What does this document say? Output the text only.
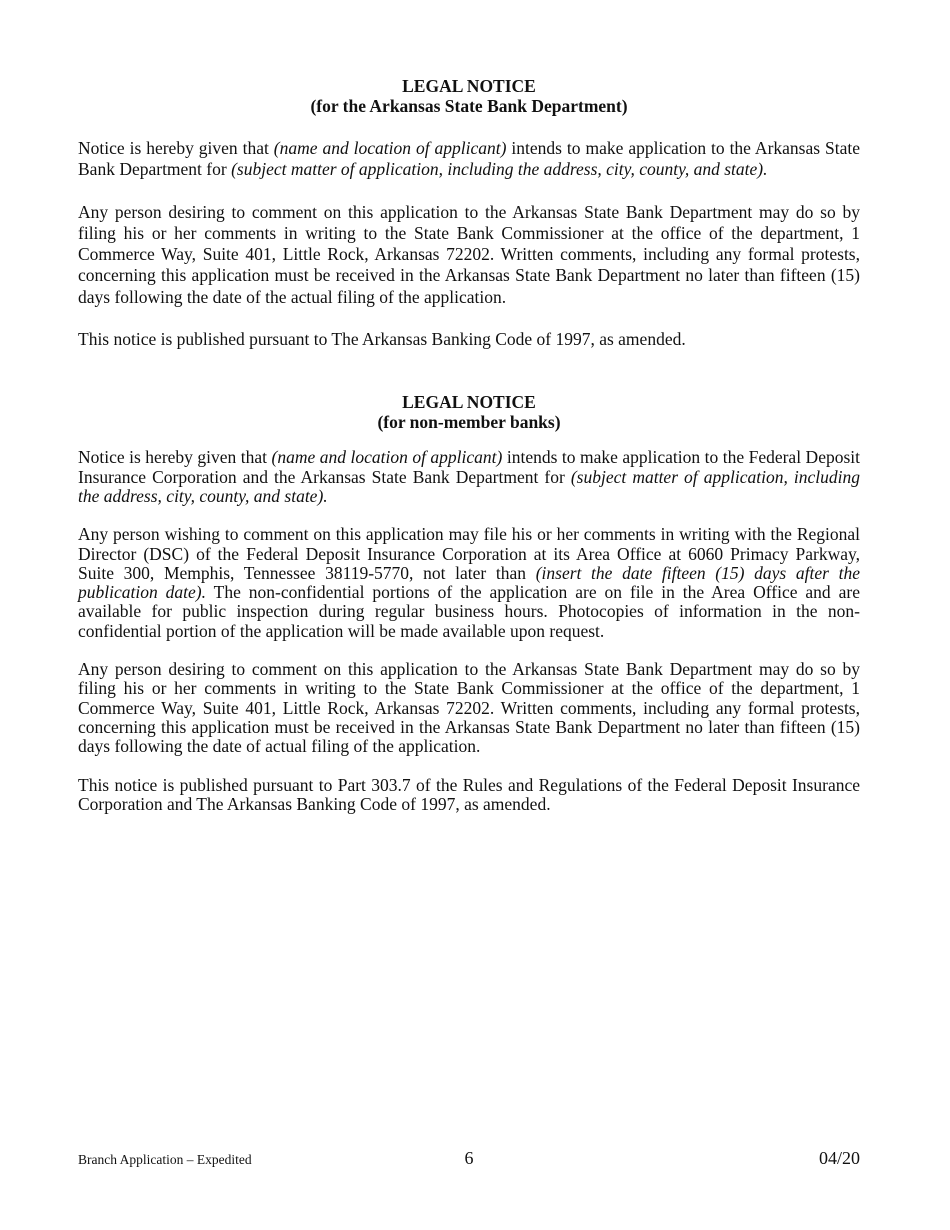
LEGAL NOTICE
(for the Arkansas State Bank Department)

Notice is hereby given that (name and location of applicant) intends to make application to the Arkansas State Bank Department for (subject matter of application, including the address, city, county, and state).

Any person desiring to comment on this application to the Arkansas State Bank Department may do so by filing his or her comments in writing to the State Bank Commissioner at the office of the department, 1 Commerce Way, Suite 401, Little Rock, Arkansas 72202. Written comments, including any formal protests, concerning this application must be received in the Arkansas State Bank Department no later than fifteen (15) days following the date of the actual filing of the application.

This notice is published pursuant to The Arkansas Banking Code of 1997, as amended.

LEGAL NOTICE
(for non-member banks)

Notice is hereby given that (name and location of applicant) intends to make application to the Federal Deposit Insurance Corporation and the Arkansas State Bank Department for (subject matter of application, including the address, city, county, and state).

Any person wishing to comment on this application may file his or her comments in writing with the Regional Director (DSC) of the Federal Deposit Insurance Corporation at its Area Office at 6060 Primacy Parkway, Suite 300, Memphis, Tennessee 38119-5770, not later than (insert the date fifteen (15) days after the publication date). The non-confidential portions of the application are on file in the Area Office and are available for public inspection during regular business hours. Photocopies of information in the non-confidential portion of the application will be made available upon request.

Any person desiring to comment on this application to the Arkansas State Bank Department may do so by filing his or her comments in writing to the State Bank Commissioner at the office of the department, 1 Commerce Way, Suite 401, Little Rock, Arkansas 72202. Written comments, including any formal protests, concerning this application must be received in the Arkansas State Bank Department no later than fifteen (15) days following the date of actual filing of the application.

This notice is published pursuant to Part 303.7 of the Rules and Regulations of the Federal Deposit Insurance Corporation and The Arkansas Banking Code of 1997, as amended.

Branch Application – Expedited	6	04/20
